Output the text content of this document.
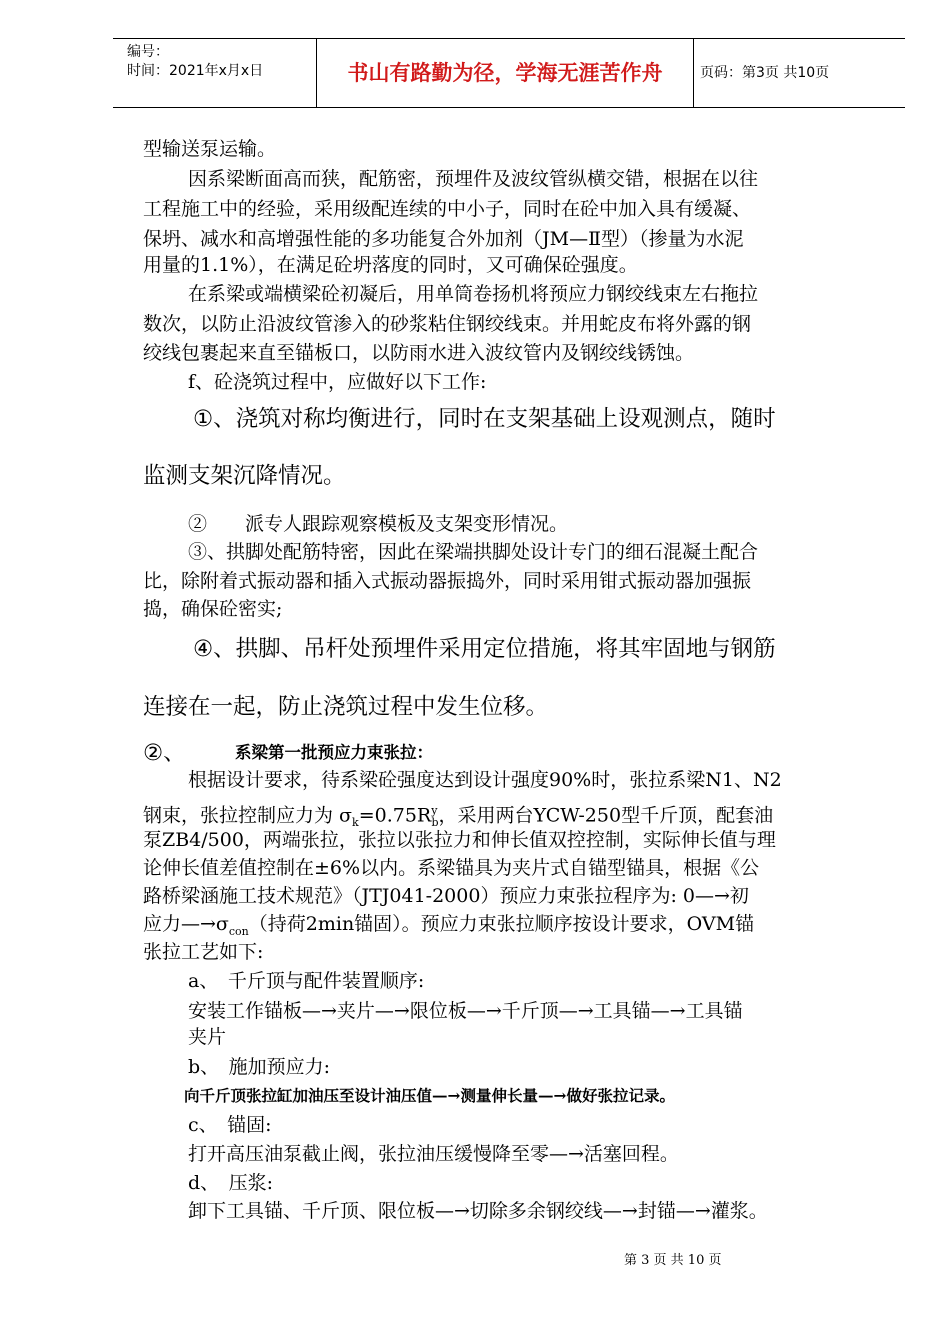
编号：
时间：2021年x月x日	书山有路勤为径，学海无涯苦作舟	页码：第3页 共10页
型输送泵运输。
因系梁断面高而狭，配筋密，预埋件及波纹管纵横交错，根据在以往
工程施工中的经验，采用级配连续的中小子，同时在砼中加入具有缓凝、
保坍、减水和高增强性能的多功能复合外加剂（JM—Ⅱ型）（掺量为水泥
用量的1.1%），在满足砼坍落度的同时，又可确保砼强度。
在系梁或端横梁砼初凝后，用单筒卷扬机将预应力钢绞线束左右拖拉
数次，以防止沿波纹管渗入的砂浆粘住钢绞线束。并用蛇皮布将外露的钢
绞线包裹起来直至锚板口，以防雨水进入波纹管内及钢绞线锈蚀。
f、砼浇筑过程中，应做好以下工作:
①、浇筑对称均衡进行，同时在支架基础上设观测点，随时
监测支架沉降情况。
②　　派专人跟踪观察模板及支架变形情况。
③、拱脚处配筋特密，因此在梁端拱脚处设计专门的细石混凝土配合
比，除附着式振动器和插入式振动器振捣外，同时采用钳式振动器加强振
捣，确保砼密实;
④、拱脚、吊杆处预埋件采用定位措施，将其牢固地与钢筋
连接在一起，防止浇筑过程中发生位移。
②、	系梁第一批预应力束张拉：
根据设计要求，待系梁砼强度达到设计强度90%时，张拉系梁N1、N2
钢束，张拉控制应力为 $\sigma_k=0.75R^y_b$，采用两台YCW-250型千斤顶，配套油
泵ZB4/500，两端张拉，张拉以张拉力和伸长值双控控制，实际伸长值与理
论伸长值差值控制在±6%以内。系梁锚具为夹片式自锚型锚具，根据《公
路桥梁涵施工技术规范》（JTJ041-2000）预应力束张拉程序为: 0—→初
应力$—\to\sigma_{con}$（持荷2min锚固）。预应力束张拉顺序按设计要求，OVM锚
张拉工艺如下:
a、　千斤顶与配件装置顺序:
安装工作锚板—→夹片—→限位板—→千斤顶—→工具锚—→工具锚
夹片
b、　施加预应力:
向千斤顶张拉缸加油压至设计油压值—→测量伸长量—→做好张拉记录。
c、　锚固:
打开高压油泵截止阀，张拉油压缓慢降至零—→活塞回程。
d、　压浆:
卸下工具锚、千斤顶、限位板—→切除多余钢绞线—→封锚—→灌浆。
第 3 页 共 10 页
